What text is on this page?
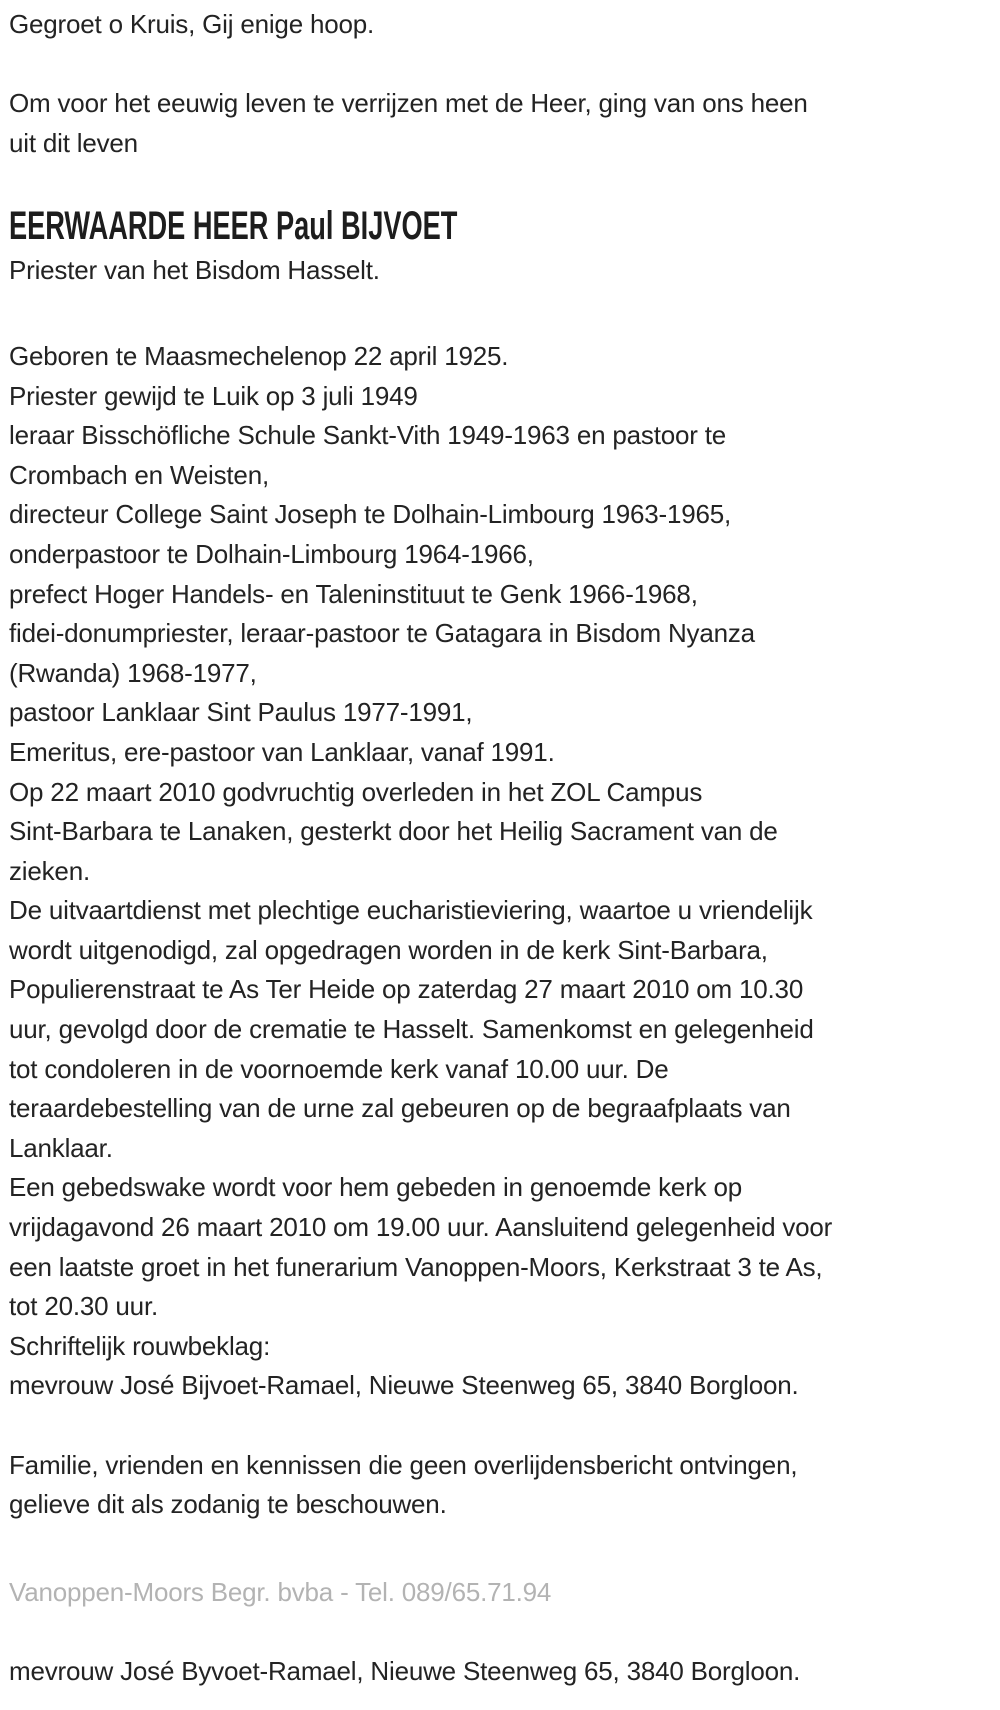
Gegroet o Kruis, Gij enige hoop.
Om voor het eeuwig leven te verrijzen met de Heer, ging van ons heen
uit dit leven
EERWAARDE HEER Paul BIJVOET
Priester van het Bisdom Hasselt.
Geboren te Maasmechelenop 22 april 1925.
Priester gewijd te Luik op 3 juli 1949
leraar Bisschöfliche Schule Sankt-Vith 1949-1963 en pastoor te
Crombach en Weisten,
directeur College Saint Joseph te Dolhain-Limbourg 1963-1965,
onderpastoor te Dolhain-Limbourg 1964-1966,
prefect Hoger Handels- en Taleninstituut te Genk 1966-1968,
fidei-donumpriester, leraar-pastoor te Gatagara in Bisdom Nyanza
(Rwanda) 1968-1977,
pastoor Lanklaar Sint Paulus 1977-1991,
Emeritus, ere-pastoor van Lanklaar, vanaf 1991.
Op 22 maart 2010 godvruchtig overleden in het ZOL Campus
Sint-Barbara te Lanaken, gesterkt door het Heilig Sacrament van de
zieken.
De uitvaartdienst met plechtige eucharistieviering, waartoe u vriendelijk
wordt uitgenodigd, zal opgedragen worden in de kerk Sint-Barbara,
Populierenstraat te As Ter Heide op zaterdag 27 maart 2010 om 10.30
uur, gevolgd door de crematie te Hasselt. Samenkomst en gelegenheid
tot condoleren in de voornoemde kerk vanaf 10.00 uur. De
teraardebestelling van de urne zal gebeuren op de begraafplaats van
Lanklaar.
Een gebedswake wordt voor hem gebeden in genoemde kerk op
vrijdagavond 26 maart 2010 om 19.00 uur. Aansluitend gelegenheid voor
een laatste groet in het funerarium Vanoppen-Moors, Kerkstraat 3 te As,
tot 20.30 uur.
Schriftelijk rouwbeklag:
mevrouw José Bijvoet-Ramael, Nieuwe Steenweg 65, 3840 Borgloon.
Familie, vrienden en kennissen die geen overlijdensbericht ontvingen,
gelieve dit als zodanig te beschouwen.
Vanoppen-Moors Begr. bvba - Tel. 089/65.71.94
mevrouw José Byvoet-Ramael, Nieuwe Steenweg 65, 3840 Borgloon.
